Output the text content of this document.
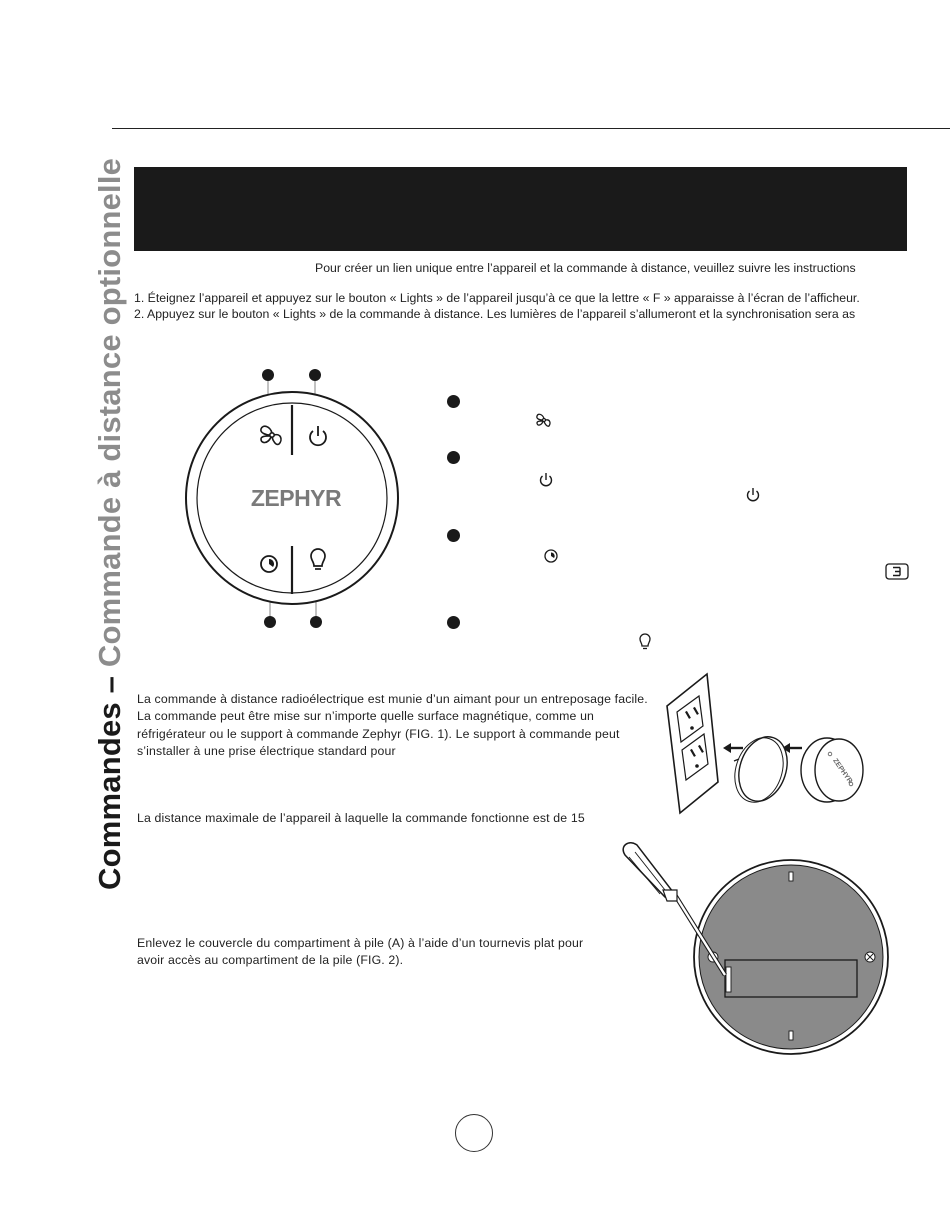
Commandes – Commande à distance optionnelle	Pour créer un lien unique entre l’appareil et la commande à distance, veuillez suivre les instructions
1. Éteignez l’appareil et appuyez sur le bouton « Lights » de l’appareil jusqu’à ce que la lettre « F » apparaisse à l’écran de l’afficheur.
2. Appuyez sur le bouton « Lights » de la commande à distance. Les lumières de l’appareil s’allumeront et la synchronisation sera as
ZEPHYR
La commande à distance radioélectrique est munie d’un aimant pour un entreposage facile. La commande peut être mise sur n’importe quelle surface magnétique, comme un réfrigérateur ou le support à commande Zephyr (FIG. 1). Le support à commande peut s’installer à une prise électrique standard pour
La distance maximale de l’appareil à laquelle la commande fonctionne est de 15
Enlevez le couvercle du compartiment à pile (A) à l’aide d’un tournevis plat pour avoir accès au compartiment de la pile (FIG. 2).
ZEPHYR
